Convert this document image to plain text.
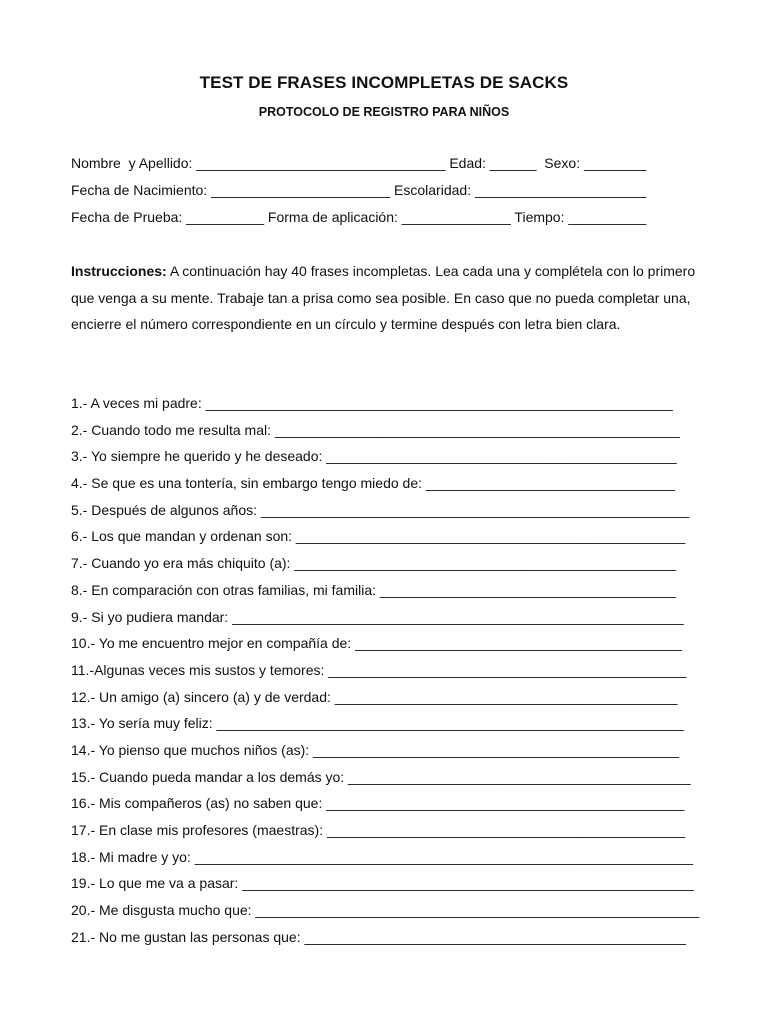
TEST DE FRASES INCOMPLETAS DE SACKS
PROTOCOLO DE REGISTRO PARA NIÑOS
Nombre  y Apellido: ________________________________ Edad: ______  Sexo: ________
Fecha de Nacimiento: _______________________ Escolaridad: ______________________
Fecha de Prueba: __________ Forma de aplicación: ______________ Tiempo: __________
Instrucciones: A continuación hay 40 frases incompletas. Lea cada una y complétela con lo primero que venga a su mente. Trabaje tan a prisa como sea posible. En caso que no pueda completar una, encierre el número correspondiente en un círculo y termine después con letra bien clara.
1.- A veces mi padre: ____________________________________________________________
2.- Cuando todo me resulta mal: ____________________________________________________
3.- Yo siempre he querido y he deseado: _____________________________________________
4.- Se que es una tontería, sin embargo tengo miedo de: ________________________________
5.- Después de algunos años: _______________________________________________________
6.- Los que mandan y ordenan son: __________________________________________________
7.- Cuando yo era más chiquito (a): _________________________________________________
8.- En comparación con otras familias, mi familia: ______________________________________
9.- Si yo pudiera mandar: __________________________________________________________
10.- Yo me encuentro mejor en compañía de: __________________________________________
11.-Algunas veces mis sustos y temores: ______________________________________________
12.- Un amigo (a) sincero (a) y de verdad: ____________________________________________
13.- Yo sería muy feliz: ____________________________________________________________
14.- Yo pienso que muchos niños (as): _______________________________________________
15.- Cuando pueda mandar a los demás yo: ____________________________________________
16.- Mis compañeros (as) no saben que: ______________________________________________
17.- En clase mis profesores (maestras): ______________________________________________
18.- Mi madre y yo: ________________________________________________________________
19.- Lo que me va a pasar: __________________________________________________________
20.- Me disgusta mucho que: _________________________________________________________
21.- No me gustan las personas que: _________________________________________________
